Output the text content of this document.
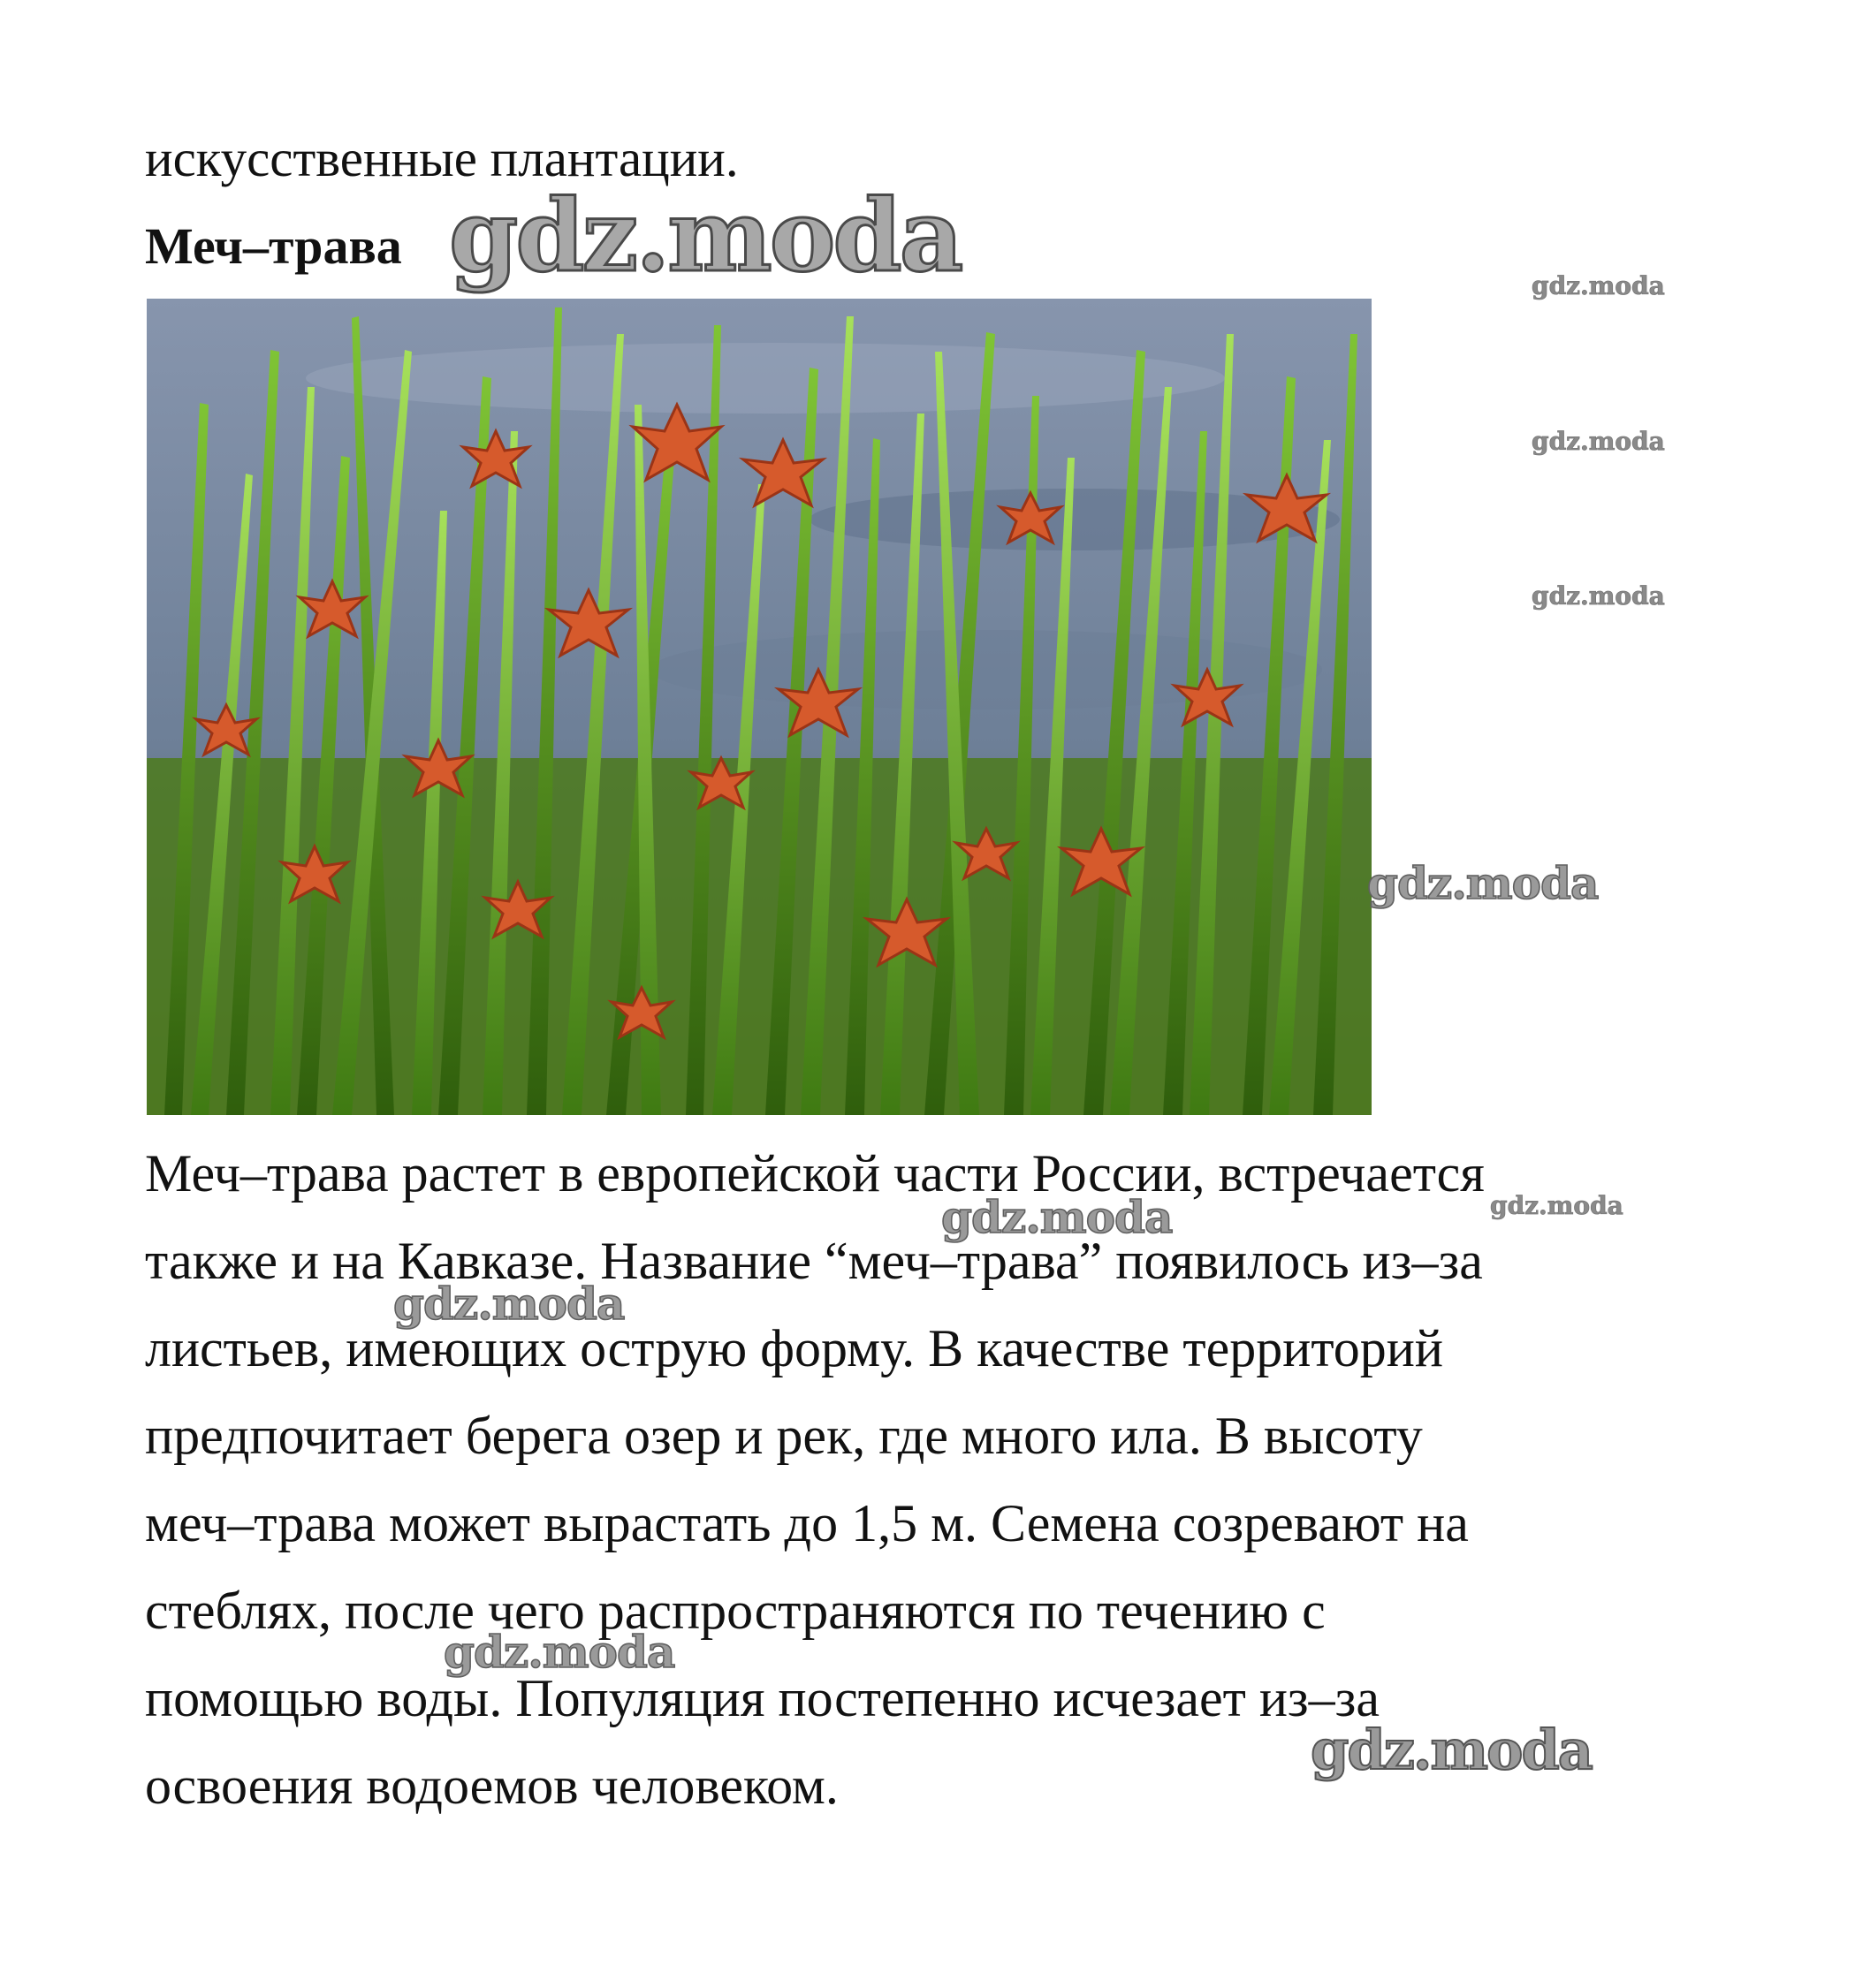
искусственные плантации.
Меч–трава
Меч–трава растет в европейской части России, встречается
также и на Кавказе. Название “меч–трава” появилось из–за
листьев, имеющих острую форму. В качестве территорий
предпочитает берега озер и рек, где много ила. В высоту
меч–трава может вырастать до 1,5 м. Семена созревают на
стеблях, после чего распространяются по течению с
помощью воды. Популяция постепенно исчезает из–за
освоения водоемов человеком.
gdz.moda	gdz.moda
gdz.moda
gdz.moda
gdz.moda
gdz.moda
gdz.moda
gdz.moda
gdz.moda
gdz.moda
